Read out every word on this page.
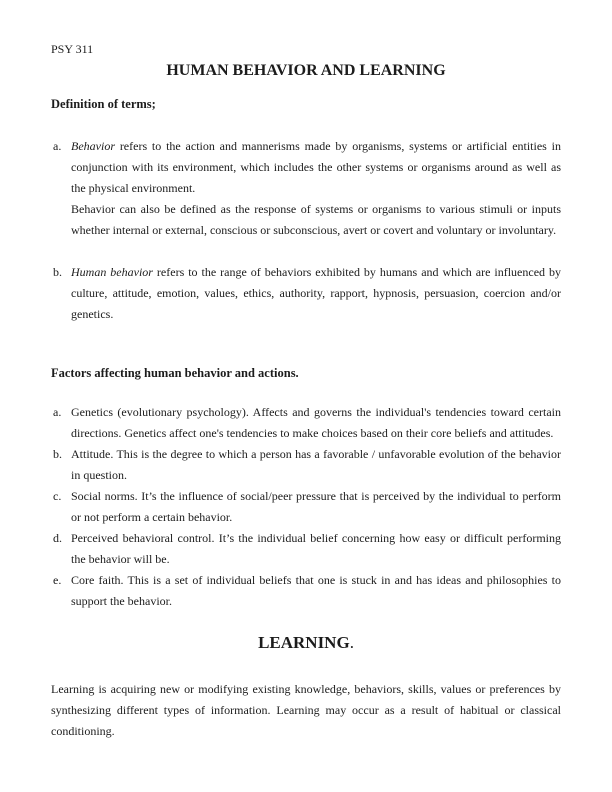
PSY 311
HUMAN BEHAVIOR AND LEARNING
Definition of terms;
a. Behavior refers to the action and mannerisms made by organisms, systems or artificial entities in conjunction with its environment, which includes the other systems or organisms around as well as the physical environment.
Behavior can also be defined as the response of systems or organisms to various stimuli or inputs whether internal or external, conscious or subconscious, avert or covert and voluntary or involuntary.
b. Human behavior refers to the range of behaviors exhibited by humans and which are influenced by culture, attitude, emotion, values, ethics, authority, rapport, hypnosis, persuasion, coercion and/or genetics.
Factors affecting human behavior and actions.
a. Genetics (evolutionary psychology). Affects and governs the individual's tendencies toward certain directions. Genetics affect one's tendencies to make choices based on their core beliefs and attitudes.
b. Attitude. This is the degree to which a person has a favorable / unfavorable evolution of the behavior in question.
c. Social norms. It’s the influence of social/peer pressure that is perceived by the individual to perform or not perform a certain behavior.
d. Perceived behavioral control. It’s the individual belief concerning how easy or difficult performing the behavior will be.
e. Core faith. This is a set of individual beliefs that one is stuck in and has ideas and philosophies to support the behavior.
LEARNING.
Learning is acquiring new or modifying existing knowledge, behaviors, skills, values or preferences by synthesizing different types of information. Learning may occur as a result of habitual or classical conditioning.
